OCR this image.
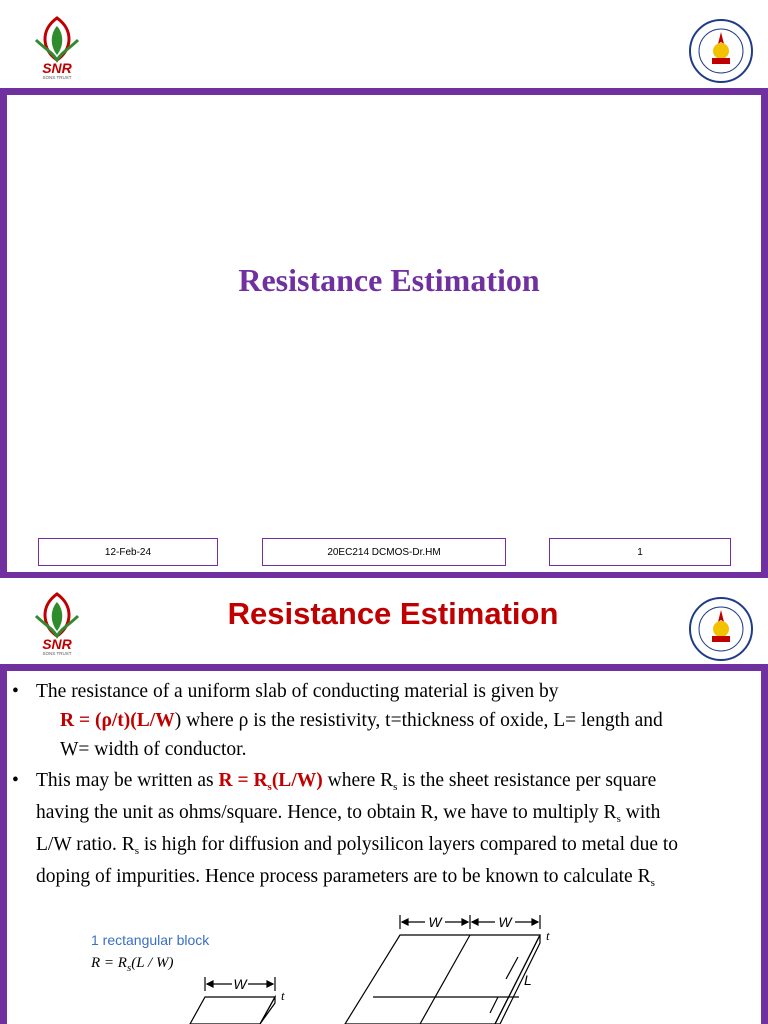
SNR
SONS TRUST
Resistance Estimation
12-Feb-24	20EC214 DCMOS-Dr.HM	1
SNR
SONS TRUST
Resistance Estimation
• The resistance of a uniform slab of conducting material is given by
R = (ρ/t)(L/W) where ρ is the resistivity, t=thickness of oxide, L= length and
W= width of conductor.
• This may be written as $R = R_s(L/W)$ where $R_s$ is the sheet resistance per square
having the unit as ohms/square. Hence, to obtain R, we have to multiply $R_s$ with
L/W ratio. $R_s$ is high for diffusion and polysilicon layers compared to metal due to
doping of impurities. Hence process parameters are to be known to calculate $R_s$
1 rectangular block
$R = R_s(L / W)$
W
t
W	W
t
L
